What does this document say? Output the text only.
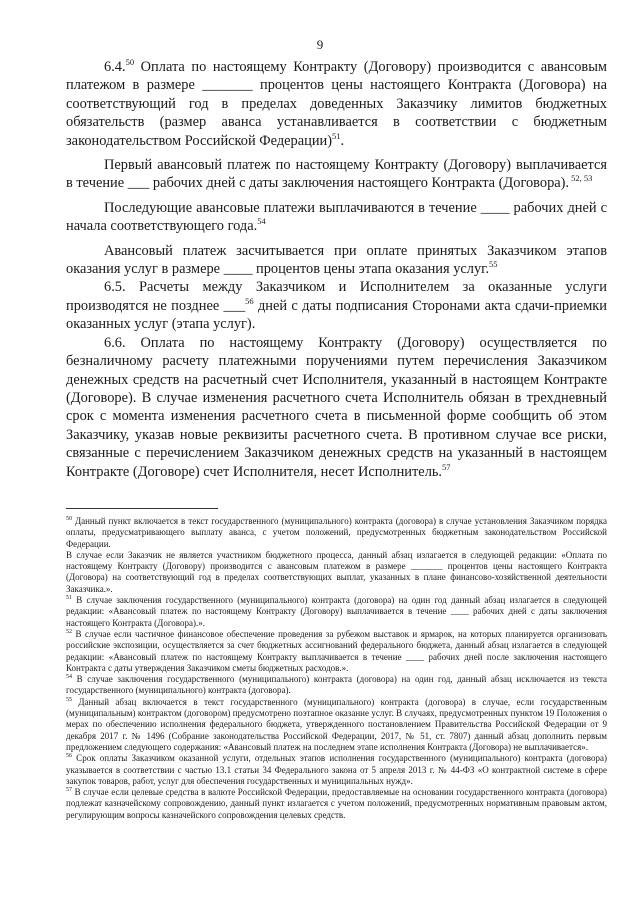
9

6.4.50 Оплата по настоящему Контракту (Договору) производится с авансовым платежом в размере _______ процентов цены настоящего Контракта (Договора) на соответствующий год в пределах доведенных Заказчику лимитов бюджетных обязательств (размер аванса устанавливается в соответствии с бюджетным законодательством Российской Федерации)$^{51}$.

Первый авансовый платеж по настоящему Контракту (Договору) выплачивается в течение ___ рабочих дней с даты заключения настоящего Контракта (Договора). $^{52, 53}$

Последующие авансовые платежи выплачиваются в течение ____ рабочих дней с начала соответствующего года.$^{54}$

Авансовый платеж засчитывается при оплате принятых Заказчиком этапов оказания услуг в размере ____ процентов цены этапа оказания услуг.$^{55}$

6.5. Расчеты между Заказчиком и Исполнителем за оказанные услуги производятся не позднее ___$^{56}$ дней с даты подписания Сторонами акта сдачи-приемки оказанных услуг (этапа услуг).

6.6. Оплата по настоящему Контракту (Договору) осуществляется по безналичному расчету платежными поручениями путем перечисления Заказчиком денежных средств на расчетный счет Исполнителя, указанный в настоящем Контракте (Договоре). В случае изменения расчетного счета Исполнитель обязан в трехдневный срок с момента изменения расчетного счета в письменной форме сообщить об этом Заказчику, указав новые реквизиты расчетного счета. В противном случае все риски, связанные с перечислением Заказчиком денежных средств на указанный в настоящем Контракте (Договоре) счет Исполнителя, несет Исполнитель.$^{57}$

$^{50}$ Данный пункт включается в текст государственного (муниципального) контракта (договора) в случае установления Заказчиком порядка оплаты, предусматривающего выплату аванса, с учетом положений, предусмотренных бюджетным законодательством Российской Федерации.

В случае если Заказчик не является участником бюджетного процесса, данный абзац излагается в следующей редакции: «Оплата по настоящему Контракту (Договору) производится с авансовым платежом в размере _______ процентов цены настоящего Контракта (Договора) на соответствующий год в пределах соответствующих выплат, указанных в плане финансово-хозяйственной деятельности Заказчика.».

$^{51}$ В случае заключения государственного (муниципального) контракта (договора) на один год данный абзац излагается в следующей редакции: «Авансовый платеж по настоящему Контракту (Договору) выплачивается в течение ____ рабочих дней с даты заключения настоящего Контракта (Договора).».

$^{52}$ В случае если частичное финансовое обеспечение проведения за рубежом выставок и ярмарок, на которых планируется организовать российские экспозиции, осуществляется за счет бюджетных ассигнований федерального бюджета, данный абзац излагается в следующей редакции: «Авансовый платеж по настоящему Контракту выплачивается в течение ____ рабочих дней после заключения настоящего Контракта с даты утверждения Заказчиком сметы бюджетных расходов.».

$^{54}$ В случае заключения государственного (муниципального) контракта (договора) на один год, данный абзац исключается из текста государственного (муниципального) контракта (договора).

$^{55}$ Данный абзац включается в текст государственного (муниципального) контракта (договора) в случае, если государственным (муниципальным) контрактом (договором) предусмотрено поэтапное оказание услуг. В случаях, предусмотренных пунктом 19 Положения о мерах по обеспечению исполнения федерального бюджета, утвержденного постановлением Правительства Российской Федерации от 9 декабря 2017 г. № 1496 (Собрание законодательства Российской Федерации, 2017, № 51, ст. 7807) данный абзац дополнить первым предложением следующего содержания: «Авансовый платеж на последнем этапе исполнения Контракта (Договора) не выплачивается».

$^{56}$ Срок оплаты Заказчиком оказанной услуги, отдельных этапов исполнения государственного (муниципального) контракта (договора) указывается в соответствии с частью 13.1 статьи 34 Федерального закона от 5 апреля 2013 г. № 44-ФЗ «О контрактной системе в сфере закупок товаров, работ, услуг для обеспечения государственных и муниципальных нужд».

$^{57}$ В случае если целевые средства в валюте Российской Федерации, предоставляемые на основании государственного контракта (договора) подлежат казначейскому сопровождению, данный пункт излагается с учетом положений, предусмотренных нормативным правовым актом, регулирующим вопросы казначейского сопровождения целевых средств.
